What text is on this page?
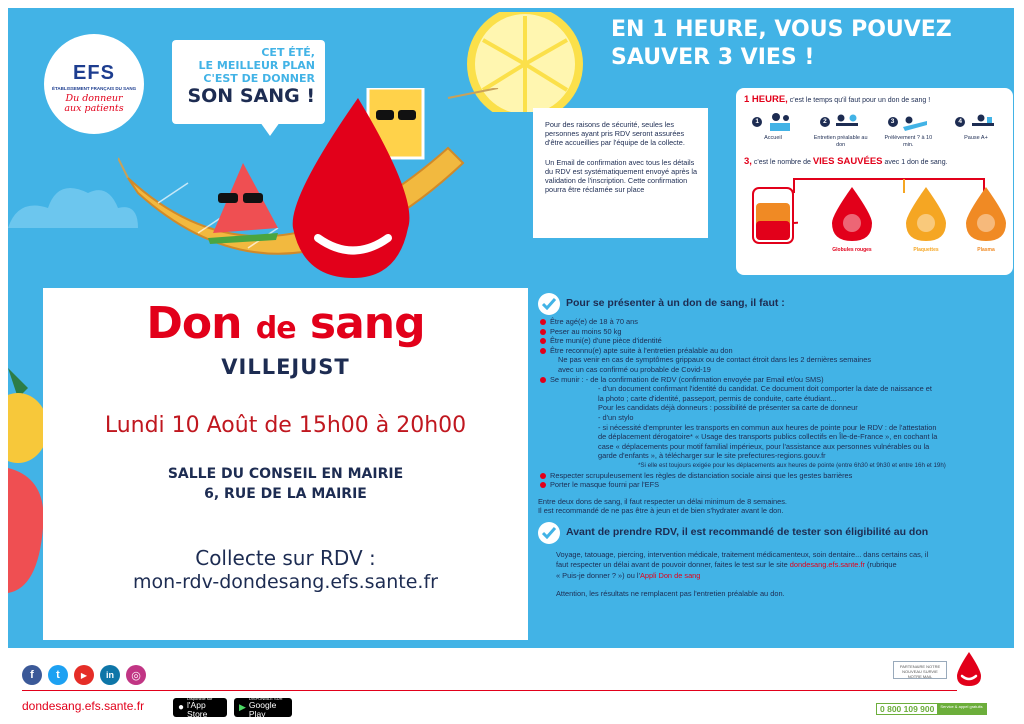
EFS
ÉTABLISSEMENT FRANÇAIS DU SANG
Du donneur
aux patients
CET ÉTÉ,
LE MEILLEUR PLAN
C'EST DE DONNER
SON SANG !
EN 1 HEURE, VOUS POUVEZ
SAUVER 3 VIES !

Pour des raisons de sécurité, seules les personnes ayant pris RDV seront assurées d'être accueillies par l'équipe de la collecte.

Un Email de confirmation avec tous les détails du RDV est systématiquement envoyé après la validation de l'inscription. Cette confirmation pourra être réclamée sur place

1 HEURE, c'est le temps qu'il faut pour un don de sang !
1
Accueil
2
Entretien préalable au don
3
Prélèvement ? à 10 min.
4
Pause A+
3, c'est le nombre de VIES SAUVÉES avec 1 don de sang.
Globules rouges	Plaquettes	Plasma
Don de sang
VILLEJUST
Lundi 10 Août de 15h00 à 20h00
SALLE DU CONSEIL EN MAIRIE
6, RUE DE LA MAIRIE
Collecte sur RDV :
mon-rdv-dondesang.efs.sante.fr
Pour se présenter à un don de sang, il faut :
Être agé(e) de 18 à 70 ans
Peser au moins 50 kg
Être muni(e) d'une pièce d'identité
Être reconnu(e) apte suite à l'entretien préalable au don
Ne pas venir en cas de symptômes grippaux ou de contact étroit dans les 2 dernières semaines
avec un cas confirmé ou probable de Covid-19
Se munir : - de la confirmation de RDV (confirmation envoyée par Email et/ou SMS)
- d'un document confirmant l'identité du candidat. Ce document doit comporter la date de naissance et
la photo ; carte d'identité, passeport, permis de conduite, carte étudiant...
Pour les candidats déjà donneurs : possibilité de présenter sa carte de donneur
- d'un stylo
- si nécessité d'emprunter les transports en commun aux heures de pointe pour le RDV : de l'attestation
de déplacement dérogatoire* « Usage des transports publics collectifs en Île-de-France », en cochant la
case « déplacements pour motif familial impérieux, pour l'assistance aux personnes vulnérables ou la
garde d'enfants », à télécharger sur le site prefectures-regions.gouv.fr
*Si elle est toujours exigée pour les déplacements aux heures de pointe (entre 6h30 et 9h30 et entre 16h et 19h)
Respecter scrupuleusement les règles de distanciation sociale ainsi que les gestes barrières
Porter le masque fourni par l'EFS
Entre deux dons de sang, il faut respecter un délai minimum de 8 semaines.
Il est recommandé de ne pas être à jeun et de bien s'hydrater avant le don.
Avant de prendre RDV, il est recommandé de tester son éligibilité au don
Voyage, tatouage, piercing, intervention médicale, traitement médicamenteux, soin dentaire... dans certains cas, il
faut respecter un délai avant de pouvoir donner, faites le test sur le site dondesang.efs.sante.fr (rubrique
« Puis-je donner ? ») ou l'Appli Don de sang
Attention, les résultats ne remplacent pas l'entretien préalable au don.
f	t	▶	in	◎
dondesang.efs.sante.fr	●
Disponible sur
l'App Store
▶
DISPONIBLE SUR
Google Play
PARTENAIRE NOTRE NOUVEAU SURVIE NOTRE MAIL
0 800 109 900	Service & appel gratuits
